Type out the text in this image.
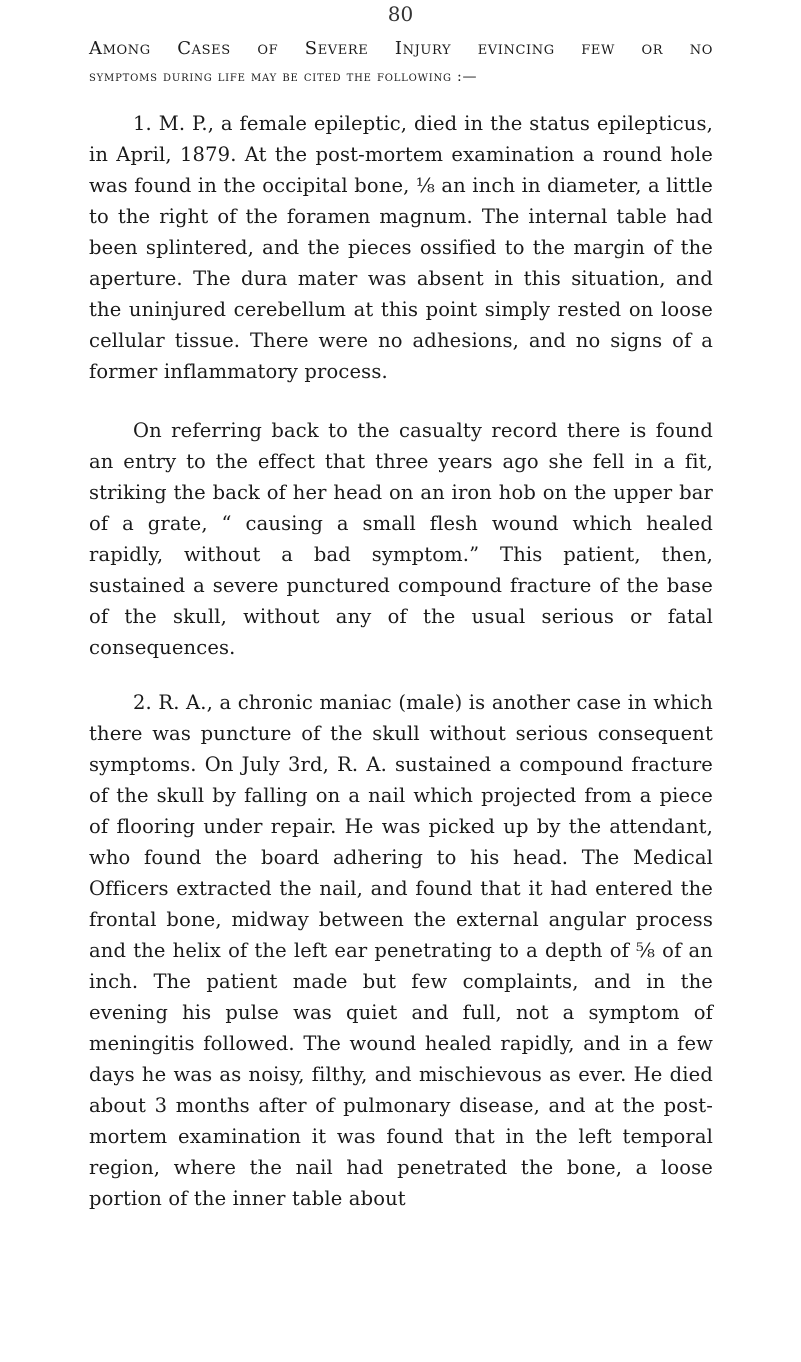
80

Among Cases of Severe Injury evincing few or no

symptoms during life may be cited the following :—

1. M. P., a female epileptic, died in the status epilepticus, in April, 1879. At the post-mortem examination a round hole was found in the occipital bone, ⅛ an inch in diameter, a little to the right of the foramen magnum. The internal table had been splintered, and the pieces ossified to the margin of the aperture. The dura mater was absent in this situation, and the uninjured cerebellum at this point simply rested on loose cellular tissue. There were no adhesions, and no signs of a former inflammatory process.

On referring back to the casualty record there is found an entry to the effect that three years ago she fell in a fit, striking the back of her head on an iron hob on the upper bar of a grate, “ causing a small flesh wound which healed rapidly, without a bad symptom.” This patient, then, sustained a severe punctured compound fracture of the base of the skull, without any of the usual serious or fatal consequences.

2. R. A., a chronic maniac (male) is another case in which there was puncture of the skull without serious consequent symptoms. On July 3rd, R. A. sustained a compound fracture of the skull by falling on a nail which projected from a piece of flooring under repair. He was picked up by the attendant, who found the board adhering to his head. The Medical Officers extracted the nail, and found that it had entered the frontal bone, midway between the external angular process and the helix of the left ear penetrating to a depth of ⅝ of an inch. The patient made but few complaints, and in the evening his pulse was quiet and full, not a symptom of meningitis followed. The wound healed rapidly, and in a few days he was as noisy, filthy, and mischievous as ever. He died about 3 months after of pulmonary disease, and at the post-mortem examination it was found that in the left temporal region, where the nail had penetrated the bone, a loose portion of the inner table about
